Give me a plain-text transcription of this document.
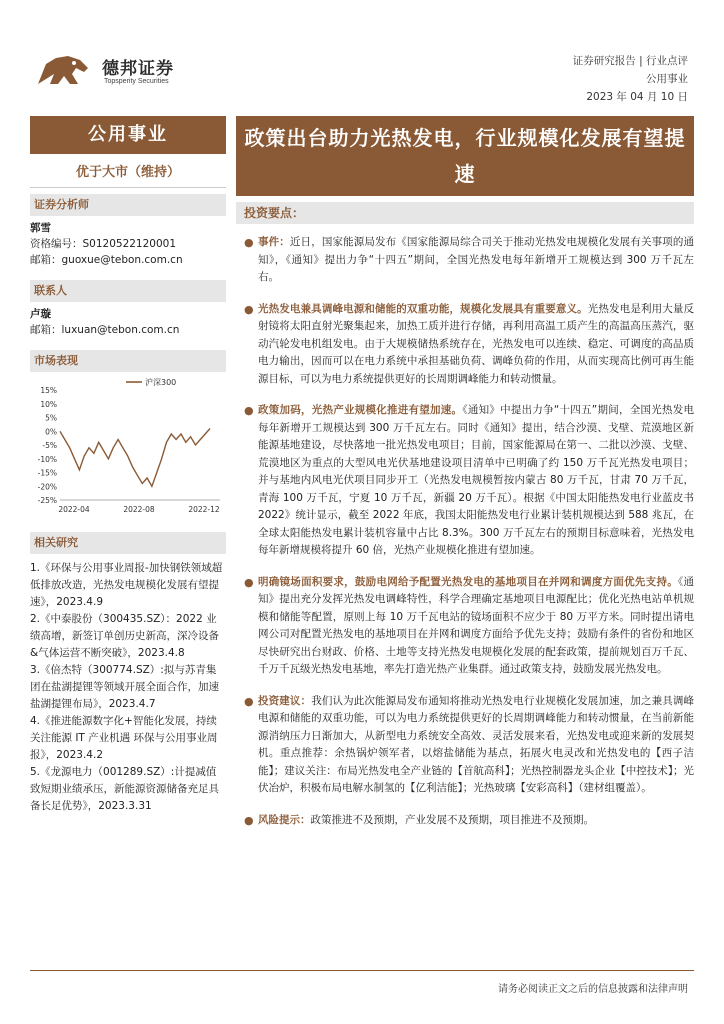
德邦证券
Topsperity Securities
证券研究报告 | 行业点评
公用事业
2023 年 04 月 10 日
公用事业
优于大市（维持）
证券分析师
郭雪
资格编号：S0120522120001
邮箱：guoxue@tebon.com.cn
联系人
卢璇
邮箱：luxuan@tebon.com.cn
市场表现
15%
10%
5%
0%
-5%
-10%
-15%
-20%
-25%
2022-04	2022-08	2022-12
沪深300
相关研究
1.《环保与公用事业周报-加快钢铁领域超低排放改造，光热发电规模化发展有望提速》，2023.4.9
2.《中泰股份（300435.SZ）：2022 业绩高增，新签订单创历史新高，深冷设备&气体运营不断突破》，2023.4.8
3.《倍杰特（300774.SZ）:拟与苏青集团在盐湖提锂等领域开展全面合作，加速盐湖提锂布局》，2023.4.7
4.《推进能源数字化+智能化发展，持续关注能源 IT 产业机遇 环保与公用事业周报》，2023.4.2
5.《龙源电力（001289.SZ）:计提减值致短期业绩承压，新能源资源储备充足具备长足优势》，2023.3.31
政策出台助力光热发电，行业规模化发展有望提速
投资要点：
● 事件：近日，国家能源局发布《国家能源局综合司关于推动光热发电规模化发展有关事项的通知》，《通知》提出力争“十四五”期间，全国光热发电每年新增开工规模达到 300 万千瓦左右。
● 光热发电兼具调峰电源和储能的双重功能，规模化发展具有重要意义。光热发电是利用大量反射镜将太阳直射光聚集起来，加热工质并进行存储，再利用高温工质产生的高温高压蒸汽，驱动汽轮发电机组发电。由于大规模储热系统存在，光热发电可以连续、稳定、可调度的高品质电力输出，因而可以在电力系统中承担基础负荷、调峰负荷的作用，从而实现高比例可再生能源目标，可以为电力系统提供更好的长周期调峰能力和转动惯量。
● 政策加码，光热产业规模化推进有望加速。《通知》中提出力争“十四五”期间，全国光热发电每年新增开工规模达到 300 万千瓦左右。同时《通知》提出，结合沙漠、戈壁、荒漠地区新能源基地建设，尽快落地一批光热发电项目；目前，国家能源局在第一、二批以沙漠、戈壁、荒漠地区为重点的大型风电光伏基地建设项目清单中已明确了约 150 万千瓦光热发电项目；并与基地内风电光伏项目同步开工（光热发电规模暂按内蒙古 80 万千瓦，甘肃 70 万千瓦，青海 100 万千瓦，宁夏 10 万千瓦，新疆 20 万千瓦）。根据《中国太阳能热发电行业蓝皮书 2022》统计显示，截至 2022 年底，我国太阳能热发电行业累计装机规模达到 588 兆瓦，在全球太阳能热发电累计装机容量中占比 8.3%。300 万千瓦左右的预期目标意味着，光热发电每年新增规模将提升 60 倍，光热产业规模化推进有望加速。
● 明确镜场面积要求，鼓励电网给予配置光热发电的基地项目在并网和调度方面优先支持。《通知》提出充分发挥光热发电调峰特性，科学合理确定基地项目电源配比；优化光热电站单机规模和储能等配置，原则上每 10 万千瓦电站的镜场面积不应少于 80 万平方米。同时提出请电网公司对配置光热发电的基地项目在并网和调度方面给予优先支持；鼓励有条件的省份和地区尽快研究出台财政、价格、土地等支持光热发电规模化发展的配套政策，提前规划百万千瓦、千万千瓦级光热发电基地，率先打造光热产业集群。通过政策支持，鼓励发展光热发电。
● 投资建议：我们认为此次能源局发布通知将推动光热发电行业规模化发展加速，加之兼具调峰电源和储能的双重功能，可以为电力系统提供更好的长周期调峰能力和转动惯量，在当前新能源消纳压力日渐加大，从新型电力系统安全高效、灵活发展来看，光热发电或迎来新的发展契机。重点推荐：余热锅炉领军者，以熔盐储能为基点，拓展火电灵改和光热发电的【西子洁能】；建议关注：布局光热发电全产业链的【首航高科】；光热控制器龙头企业【中控技术】；光伏冶炉，积极布局电解水制氢的【亿利洁能】；光热玻璃【安彩高科】（建材组覆盖）。
● 风险提示：政策推进不及预期，产业发展不及预期，项目推进不及预期。
请务必阅读正文之后的信息披露和法律声明
